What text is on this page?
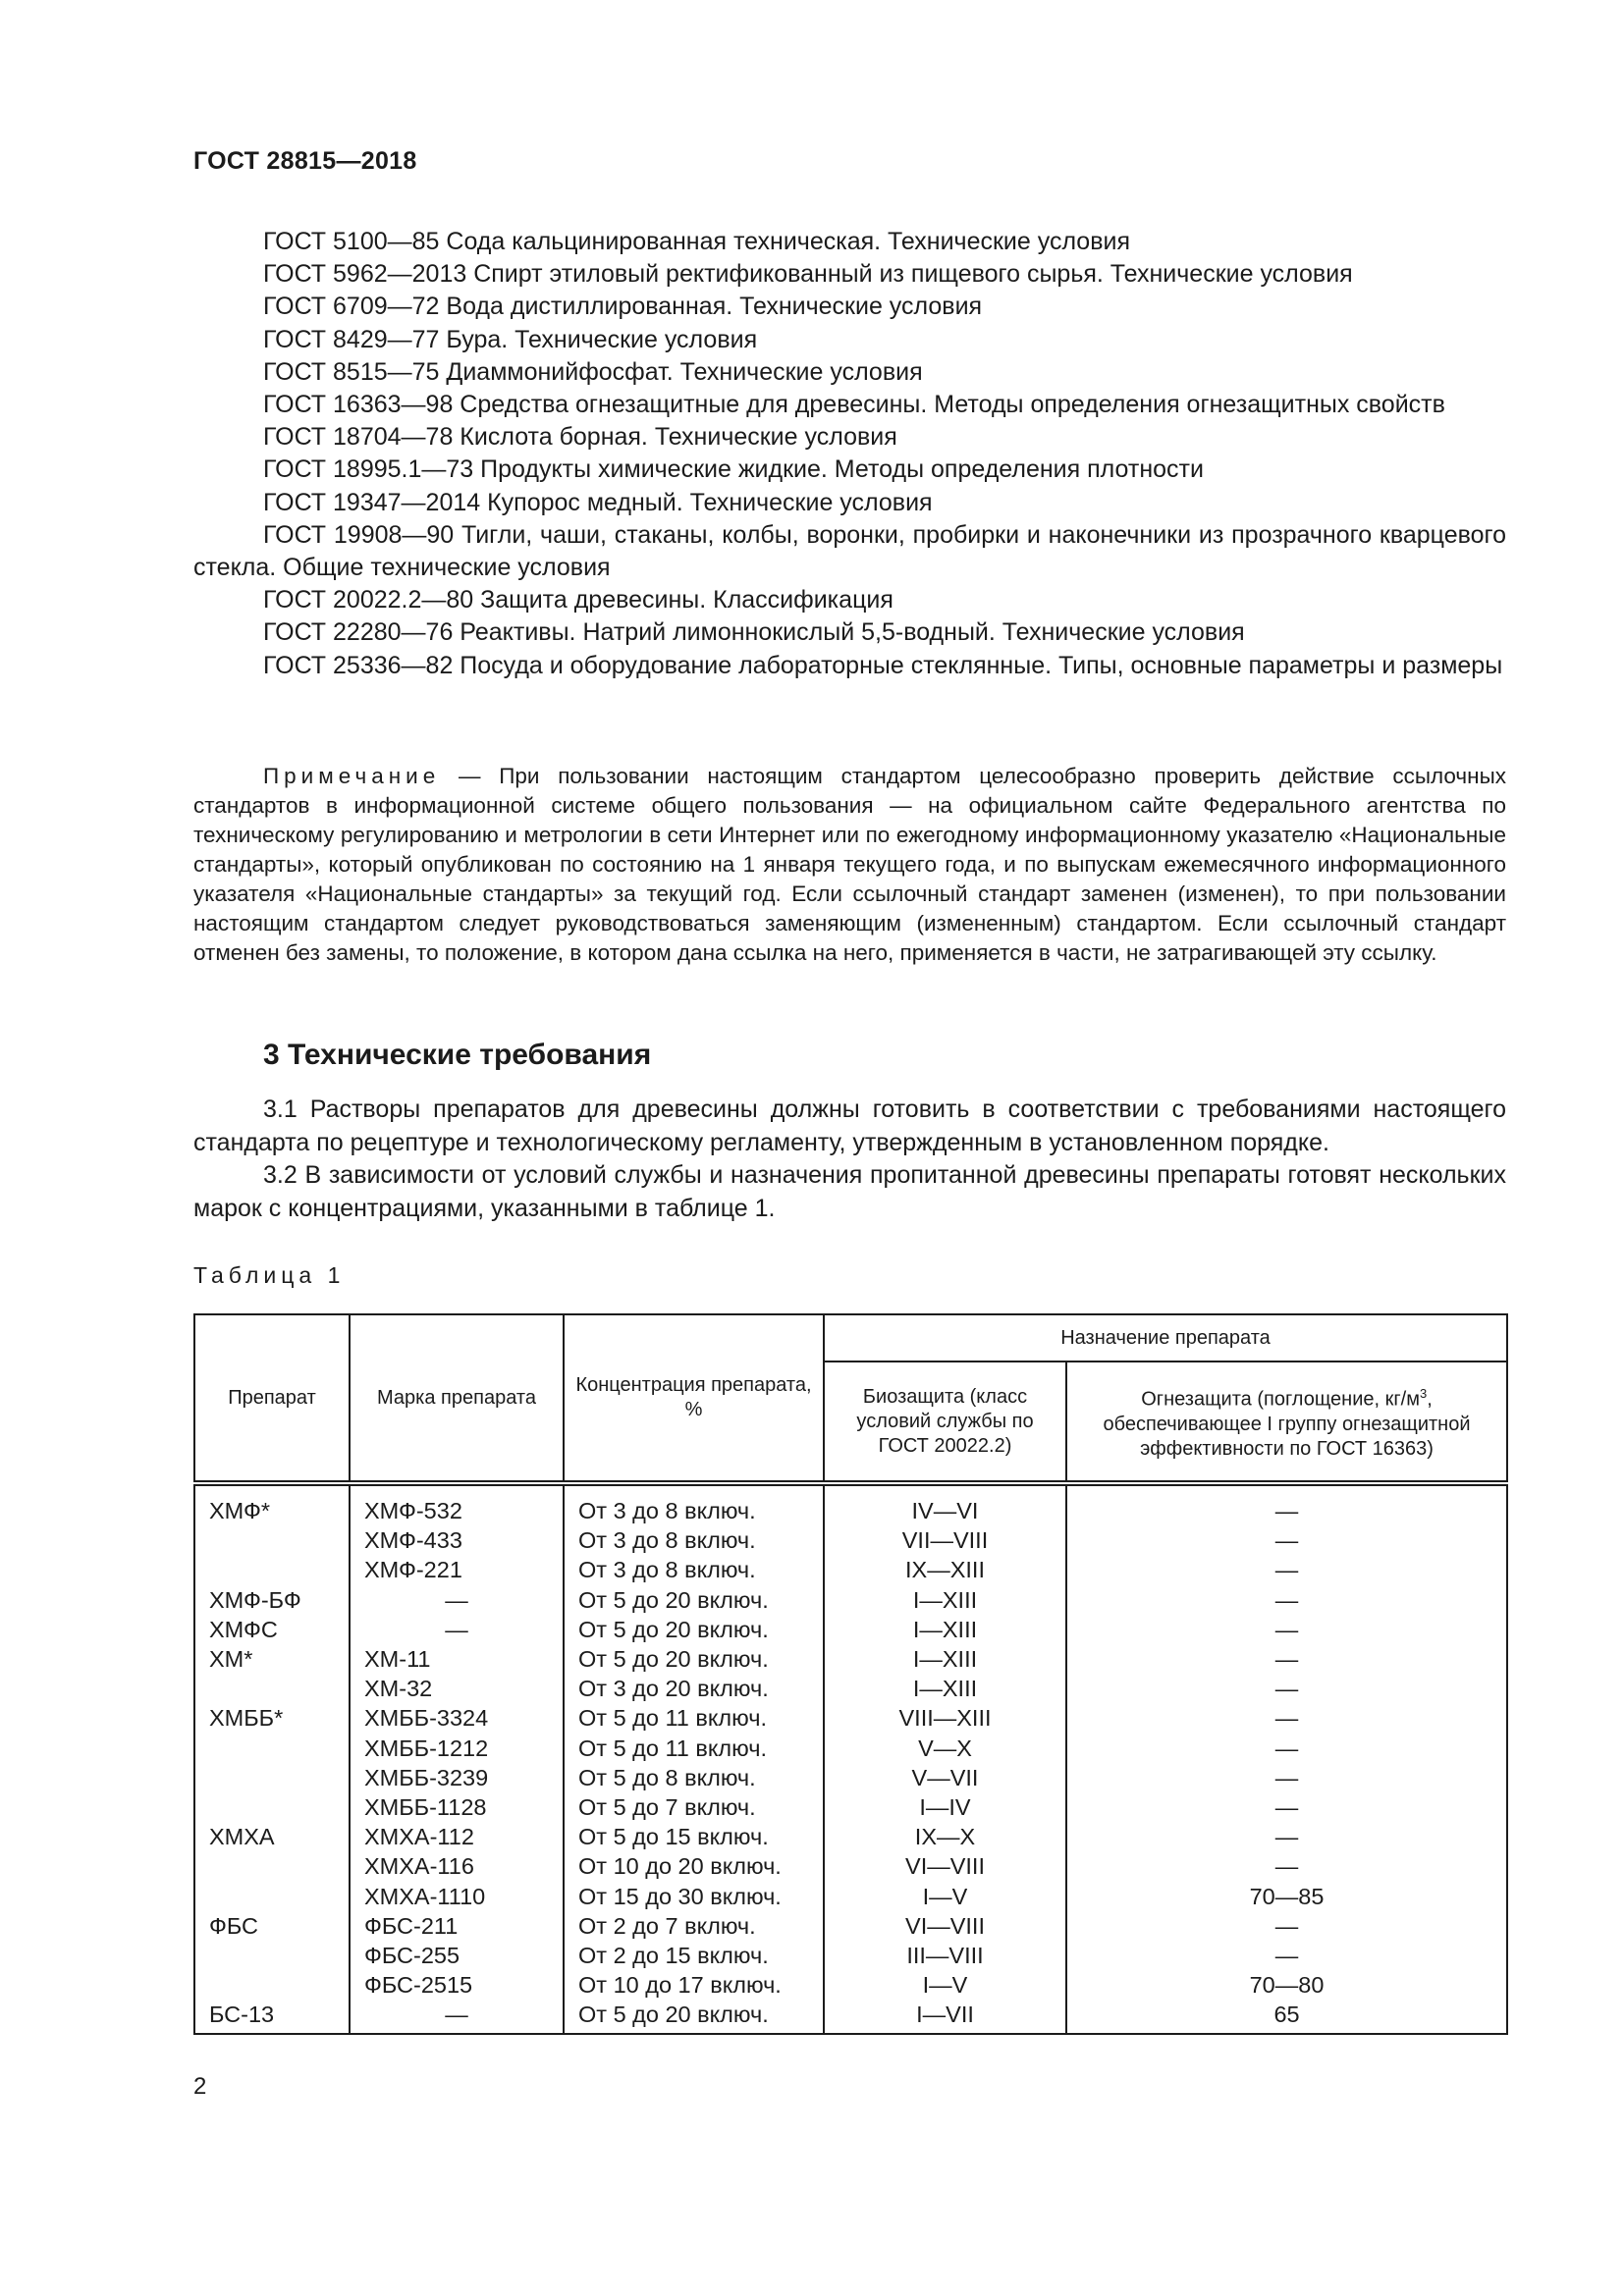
ГОСТ 28815—2018

ГОСТ 5100—85 Сода кальцинированная техническая. Технические условия

ГОСТ 5962—2013 Спирт этиловый ректификованный из пищевого сырья. Технические условия

ГОСТ 6709—72 Вода дистиллированная. Технические условия

ГОСТ 8429—77 Бура. Технические условия

ГОСТ 8515—75 Диаммонийфосфат. Технические условия

ГОСТ 16363—98 Средства огнезащитные для древесины. Методы определения огнезащитных свойств

ГОСТ 18704—78 Кислота борная. Технические условия

ГОСТ 18995.1—73 Продукты химические жидкие. Методы определения плотности

ГОСТ 19347—2014 Купорос медный. Технические условия

ГОСТ 19908—90 Тигли, чаши, стаканы, колбы, воронки, пробирки и наконечники из прозрачного кварцевого стекла. Общие технические условия

ГОСТ 20022.2—80 Защита древесины. Классификация

ГОСТ 22280—76 Реактивы. Натрий лимоннокислый 5,5-водный. Технические условия

ГОСТ 25336—82 Посуда и оборудование лабораторные стеклянные. Типы, основные параметры и размеры

Примечание — При пользовании настоящим стандартом целесообразно проверить действие ссылочных стандартов в информационной системе общего пользования — на официальном сайте Федерального агентства по техническому регулированию и метрологии в сети Интернет или по ежегодному информационному указателю «Национальные стандарты», который опубликован по состоянию на 1 января текущего года, и по выпускам ежемесячного информационного указателя «Национальные стандарты» за текущий год. Если ссылочный стандарт заменен (изменен), то при пользовании настоящим стандартом следует руководствоваться заменяющим (измененным) стандартом. Если ссылочный стандарт отменен без замены, то положение, в котором дана ссылка на него, применяется в части, не затрагивающей эту ссылку.

3 Технические требования

3.1 Растворы препаратов для древесины должны готовить в соответствии с требованиями настоящего стандарта по рецептуре и технологическому регламенту, утвержденным в установленном порядке.

3.2 В зависимости от условий службы и назначения пропитанной древесины препараты готовят нескольких марок с концентрациями, указанными в таблице 1.

Таблица 1
Препарат	Марка препарата	Концентрация препарата, %	Назначение препарата	
			Биозащита (класс условий службы по ГОСТ 20022.2)	Огнезащита (поглощение, $кг/м^3$, обеспечивающее I группу огнезащитной эффективности по ГОСТ 16363)
ХМФ*	ХМФ-532	От 3 до 8 включ.	IV—VI	—
	ХМФ-433	От 3 до 8 включ.	VII—VIII	—
	ХМФ-221	От 3 до 8 включ.	IX—XIII	—
ХМФ-БФ	—	От 5 до 20 включ.	I—XIII	—
ХМФС	—	От 5 до 20 включ.	I—XIII	—
ХМ*	ХМ-11	От 5 до 20 включ.	I—XIII	—
	ХМ-32	От 3 до 20 включ.	I—XIII	—
ХМББ*	ХМББ-3324	От 5 до 11 включ.	VIII—XIII	—
	ХМББ-1212	От 5 до 11 включ.	V—X	—
	ХМББ-3239	От 5 до 8 включ.	V—VII	—
	ХМББ-1128	От 5 до 7 включ.	I—IV	—
ХМХА	ХМХА-112	От 5 до 15 включ.	IX—X	—
	ХМХА-116	От 10 до 20 включ.	VI—VIII	—
	ХМХА-1110	От 15 до 30 включ.	I—V	70—85
ФБС	ФБС-211	От 2 до 7 включ.	VI—VIII	—
	ФБС-255	От 2 до 15 включ.	III—VIII	—
	ФБС-2515	От 10 до 17 включ.	I—V	70—80
БС-13	—	От 5 до 20 включ.	I—VII	65
2
